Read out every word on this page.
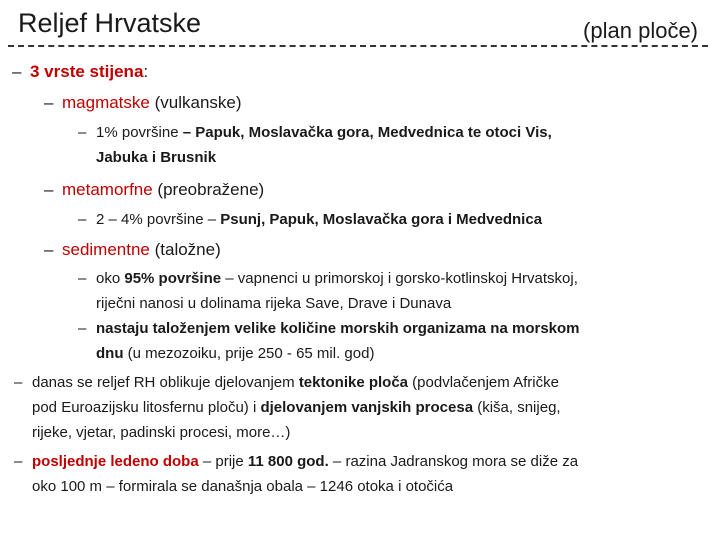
Reljef Hrvatske	(plan ploče)
– 3 vrste stijena:
– magmatske (vulkanske)
– 1% površine – Papuk, Moslavačka gora, Medvednica te otoci Vis,
Jabuka i Brusnik
– metamorfne (preobražene)
– 2 – 4% površine – Psunj, Papuk, Moslavačka gora i Medvednica
– sedimentne (taložne)
– oko 95% površine – vapnenci u primorskoj i gorsko-kotlinskoj Hrvatskoj,
riječni nanosi u dolinama rijeka Save, Drave i Dunava
– nastaju taloženjem velike količine morskih organizama na morskom
dnu (u mezozoiku, prije 250 - 65 mil. god)
– danas se reljef RH oblikuje djelovanjem tektonike ploča (podvlačenjem Afričke
pod Euroazijsku litosfernu ploču) i djelovanjem vanjskih procesa (kiša, snijeg,
rijeke, vjetar, padinski procesi, more…)
– posljednje ledeno doba – prije 11 800 god. – razina Jadranskog mora se diže za
oko 100 m – formirala se današnja obala – 1246 otoka i otočića
